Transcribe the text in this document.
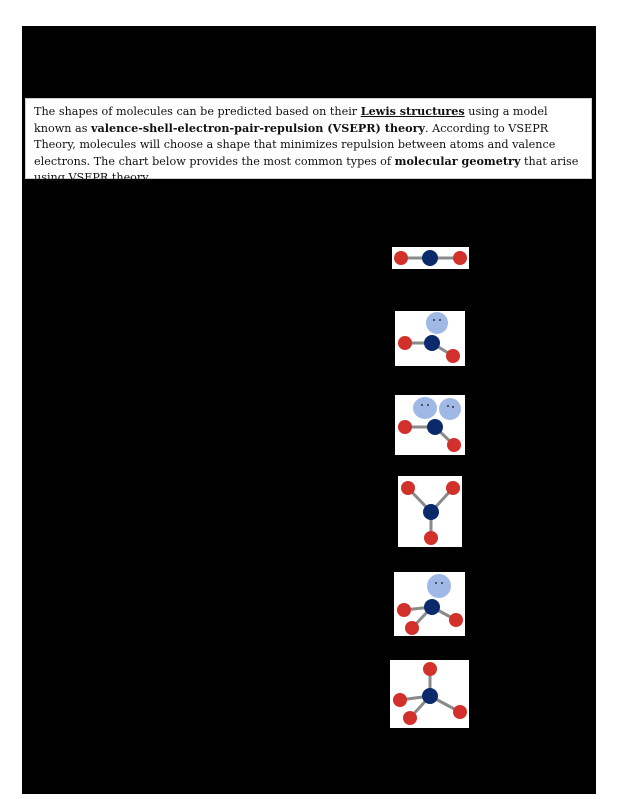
The shapes of molecules can be predicted based on their Lewis structures using a model known as valence-shell-electron-pair-repulsion (VSEPR) theory. According to VSEPR Theory, molecules will choose a shape that minimizes repulsion between atoms and valence electrons. The chart below provides the most common types of molecular geometry that arise using VSEPR theory.
